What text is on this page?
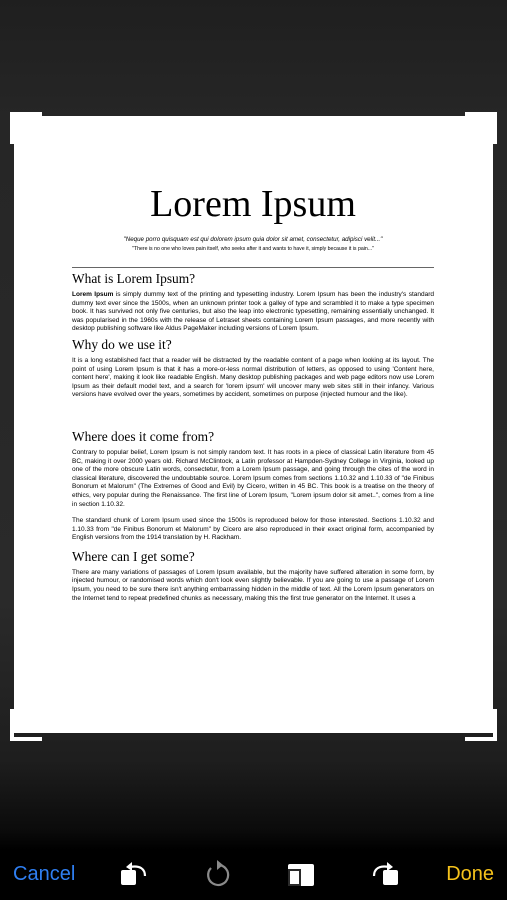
Lorem Ipsum
"Neque porro quisquam est qui dolorem ipsum quia dolor sit amet, consectetur, adipisci velit..."
"There is no one who loves pain itself, who seeks after it and wants to have it, simply because it is pain..."
What is Lorem Ipsum?

Lorem Ipsum is simply dummy text of the printing and typesetting industry. Lorem Ipsum has been the industry's standard dummy text ever since the 1500s, when an unknown printer took a galley of type and scrambled it to make a type specimen book. It has survived not only five centuries, but also the leap into electronic typesetting, remaining essentially unchanged. It was popularised in the 1960s with the release of Letraset sheets containing Lorem Ipsum passages, and more recently with desktop publishing software like Aldus PageMaker including versions of Lorem Ipsum.

Why do we use it?

It is a long established fact that a reader will be distracted by the readable content of a page when looking at its layout. The point of using Lorem Ipsum is that it has a more-or-less normal distribution of letters, as opposed to using 'Content here, content here', making it look like readable English. Many desktop publishing packages and web page editors now use Lorem Ipsum as their default model text, and a search for 'lorem ipsum' will uncover many web sites still in their infancy. Various versions have evolved over the years, sometimes by accident, sometimes on purpose (injected humour and the like).

Where does it come from?

Contrary to popular belief, Lorem Ipsum is not simply random text. It has roots in a piece of classical Latin literature from 45 BC, making it over 2000 years old. Richard McClintock, a Latin professor at Hampden-Sydney College in Virginia, looked up one of the more obscure Latin words, consectetur, from a Lorem Ipsum passage, and going through the cites of the word in classical literature, discovered the undoubtable source. Lorem Ipsum comes from sections 1.10.32 and 1.10.33 of "de Finibus Bonorum et Malorum" (The Extremes of Good and Evil) by Cicero, written in 45 BC. This book is a treatise on the theory of ethics, very popular during the Renaissance. The first line of Lorem Ipsum, "Lorem ipsum dolor sit amet..", comes from a line in section 1.10.32.

The standard chunk of Lorem Ipsum used since the 1500s is reproduced below for those interested. Sections 1.10.32 and 1.10.33 from "de Finibus Bonorum et Malorum" by Cicero are also reproduced in their exact original form, accompanied by English versions from the 1914 translation by H. Rackham.

Where can I get some?

There are many variations of passages of Lorem Ipsum available, but the majority have suffered alteration in some form, by injected humour, or randomised words which don't look even slightly believable. If you are going to use a passage of Lorem Ipsum, you need to be sure there isn't anything embarrassing hidden in the middle of text. All the Lorem Ipsum generators on the Internet tend to repeat predefined chunks as necessary, making this the first true generator on the Internet. It uses a

Cancel	Done
